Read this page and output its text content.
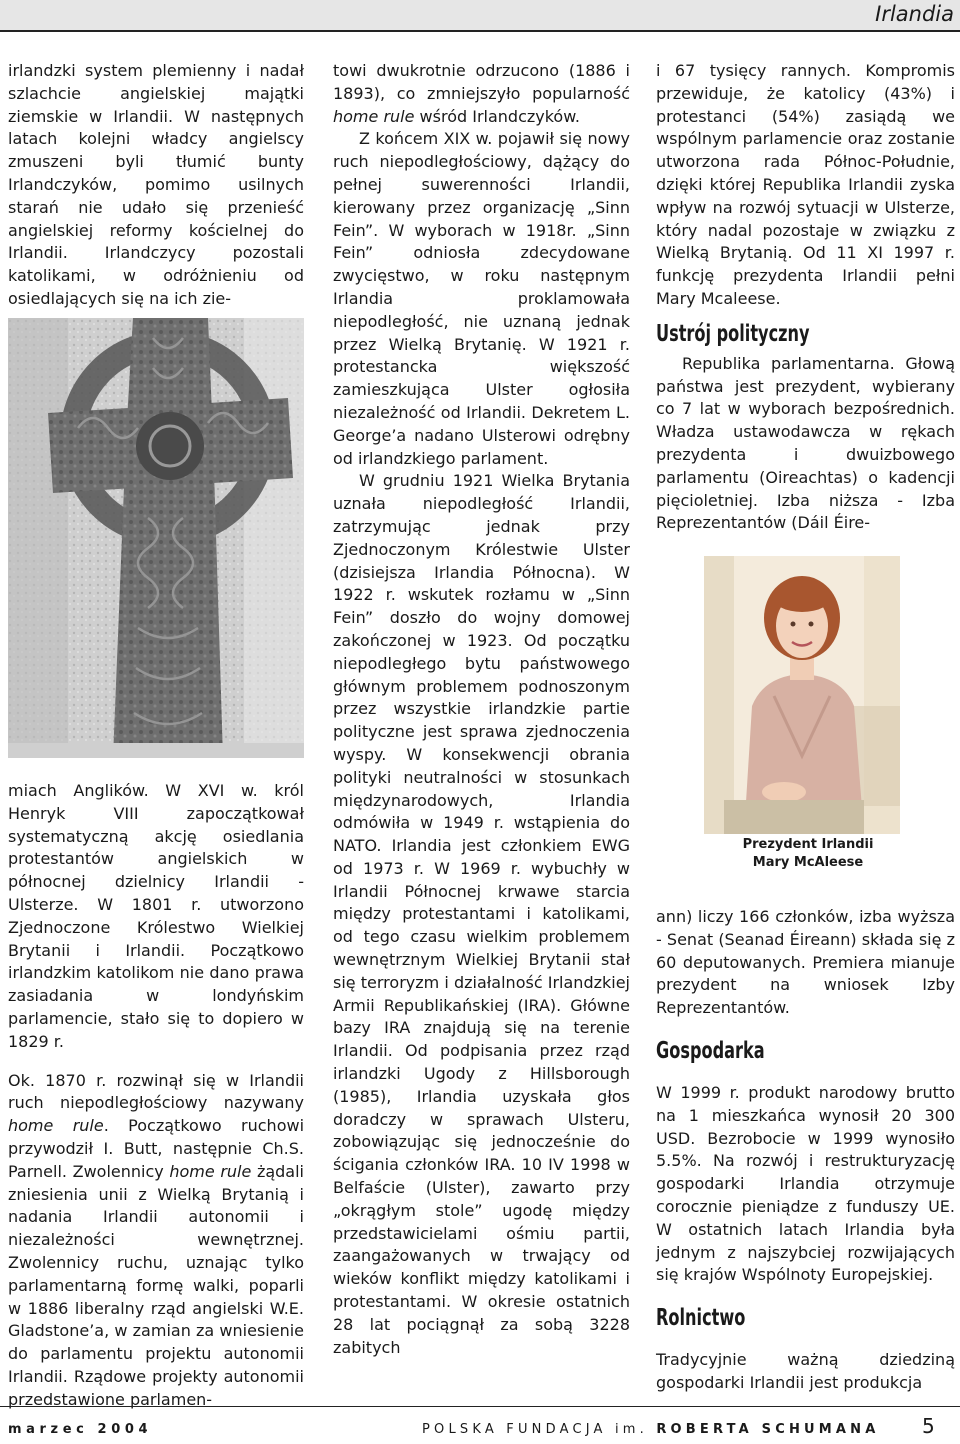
Irlandia

irlandzki system plemienny i nadał szlachcie angielskiej majątki ziemskie w Irlandii. W następnych latach kolejni władcy angielscy zmuszeni byli tłumić bunty Irlandczyków, pomimo usilnych starań nie udało się przenieść angielskiej reformy kościelnej do Irlandii. Irlandczycy pozostali katolikami, w odróżnieniu od osiedlających się na ich zie-

miach Anglików. W XVI w. król Henryk VIII zapoczątkował systematyczną akcję osiedlania protestantów angielskich w północnej dzielnicy Irlandii - Ulsterze. W 1801 r. utworzono Zjednoczone Królestwo Wielkiej Brytanii i Irlandii. Początkowo irlandzkim katolikom nie dano prawa zasiadania w londyńskim parlamencie, stało się to dopiero w 1829 r.

Ok. 1870 r. rozwinął się w Irlandii ruch niepodległościowy nazywany home rule. Początkowo ruchowi przywodził I. Butt, następnie Ch.S. Parnell. Zwolennicy home rule żądali zniesienia unii z Wielką Brytanią i nadania Irlandii autonomii i niezależności wewnętrznej. Zwolennicy ruchu, uznając tylko parlamentarną formę walki, poparli w 1886 liberalny rząd angielski W.E. Gladstone’a, w zamian za wniesienie do parlamentu projektu autonomii Irlandii. Rządowe projekty autonomii przedstawione parlamen-

towi dwukrotnie odrzucono (1886 i 1893), co zmniejszyło popularność home rule wśród Irlandczyków.

Z końcem XIX w. pojawił się nowy ruch niepodległościowy, dążący do pełnej suwerenności Irlandii, kierowany przez organizację „Sinn Fein”. W wyborach w 1918r. „Sinn Fein” odniosła zdecydowane zwycięstwo, w roku następnym Irlandia proklamowała niepodległość, nie uznaną jednak przez Wielką Brytanię. W 1921 r. protestancka większość zamieszkująca Ulster ogłosiła niezależność od Irlandii. Dekretem L. George’a nadano Ulsterowi odrębny od irlandzkiego parlament.

W grudniu 1921 Wielka Brytania uznała niepodległość Irlandii, zatrzymując jednak przy Zjednoczonym Królestwie Ulster (dzisiejsza Irlandia Północna). W 1922 r. wskutek rozłamu w „Sinn Fein” doszło do wojny domowej zakończonej w 1923. Od początku niepodległego bytu państwowego głównym problemem podnoszonym przez wszystkie irlandzkie partie polityczne jest sprawa zjednoczenia wyspy. W konsekwencji obrania polityki neutralności w stosunkach międzynarodowych, Irlandia odmówiła w 1949 r. wstąpienia do NATO. Irlandia jest członkiem EWG od 1973 r. W 1969 r. wybuchły w Irlandii Północnej krwawe starcia między protestantami i katolikami, od tego czasu wielkim problemem wewnętrznym Wielkiej Brytanii stał się terroryzm i działalność Irlandzkiej Armii Republikańskiej (IRA). Główne bazy IRA znajdują się na terenie Irlandii. Od podpisania przez rząd irlandzki Ugody z Hillsborough (1985), Irlandia uzyskała głos doradczy w sprawach Ulsteru, zobowiązując się jednocześnie do ścigania członków IRA. 10 IV 1998 w Belfaście (Ulster), zawarto przy „okrągłym stole” ugodę między przedstawicielami ośmiu partii, zaangażowanych w trwający od wieków konflikt między katolikami i protestantami. W okresie ostatnich 28 lat pociągnął za sobą 3228 zabitych

i 67 tysięcy rannych. Kompromis przewiduje, że katolicy (43%) i protestanci (54%) zasiądą we wspólnym parlamencie oraz zostanie utworzona rada Północ-Południe, dzięki której Republika Irlandii zyska wpływ na rozwój sytuacji w Ulsterze, który nadal pozostaje w związku z Wielką Brytanią. Od 11 XI 1997 r. funkcję prezydenta Irlandii pełni Mary Mcaleese.

Ustrój polityczny

Republika parlamentarna. Głową państwa jest prezydent, wybierany co 7 lat w wyborach bezpośrednich. Władza ustawodawcza w rękach prezydenta i dwuizbowego parlamentu (Oireachtas) o kadencji pięcioletniej. Izba niższa - Izba Reprezentantów (Dáil Éire-

Prezydent Irlandii
Mary McAleese

ann) liczy 166 członków, izba wyższa - Senat (Seanad Éireann) składa się z 60 deputowanych. Premiera mianuje prezydent na wniosek Izby Reprezentantów.

Gospodarka

W 1999 r. produkt narodowy brutto na 1 mieszkańca wynosił 20 300 USD. Bezrobocie w 1999 wynosiło 5.5%. Na rozwój i restrukturyzację gospodarki Irlandia otrzymuje corocznie pieniądze z funduszy UE. W ostatnich latach Irlandia była jednym z najszybciej rozwijających się krajów Wspólnoty Europejskiej.

Rolnictwo

Tradycyjnie ważną dziedziną gospodarki Irlandii jest produkcja

marzec 2004	POLSKA FUNDACJA im. ROBERTA SCHUMANA 5
